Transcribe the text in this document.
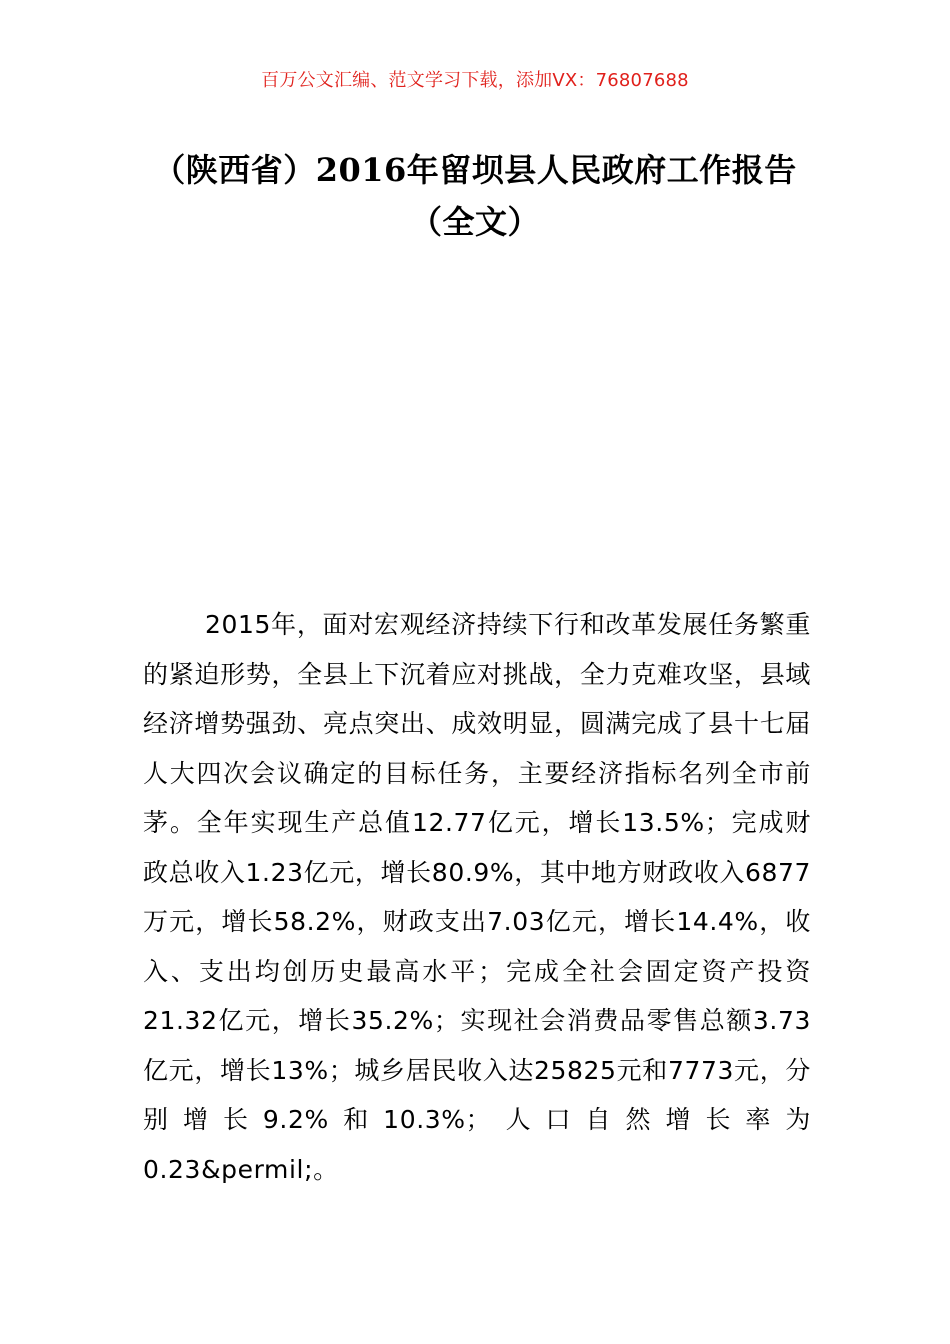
百万公文汇编、范文学习下载，添加VX：76807688
（陕西省）2016年留坝县人民政府工作报告（全文）

2015年，面对宏观经济持续下行和改革发展任务繁重的紧迫形势，全县上下沉着应对挑战，全力克难攻坚，县域经济增势强劲、亮点突出、成效明显，圆满完成了县十七届人大四次会议确定的目标任务，主要经济指标名列全市前茅。全年实现生产总值12.77亿元，增长13.5%；完成财政总收入1.23亿元，增长80.9%，其中地方财政收入6877万元，增长58.2%，财政支出7.03亿元，增长14.4%，收入、支出均创历史最高水平；完成全社会固定资产投资21.32亿元，增长35.2%；实现社会消费品零售总额3.73亿元，增长13%；城乡居民收入达25825元和7773元，分别增长9.2%和10.3%；人口自然增长率为0.23&permil;。
